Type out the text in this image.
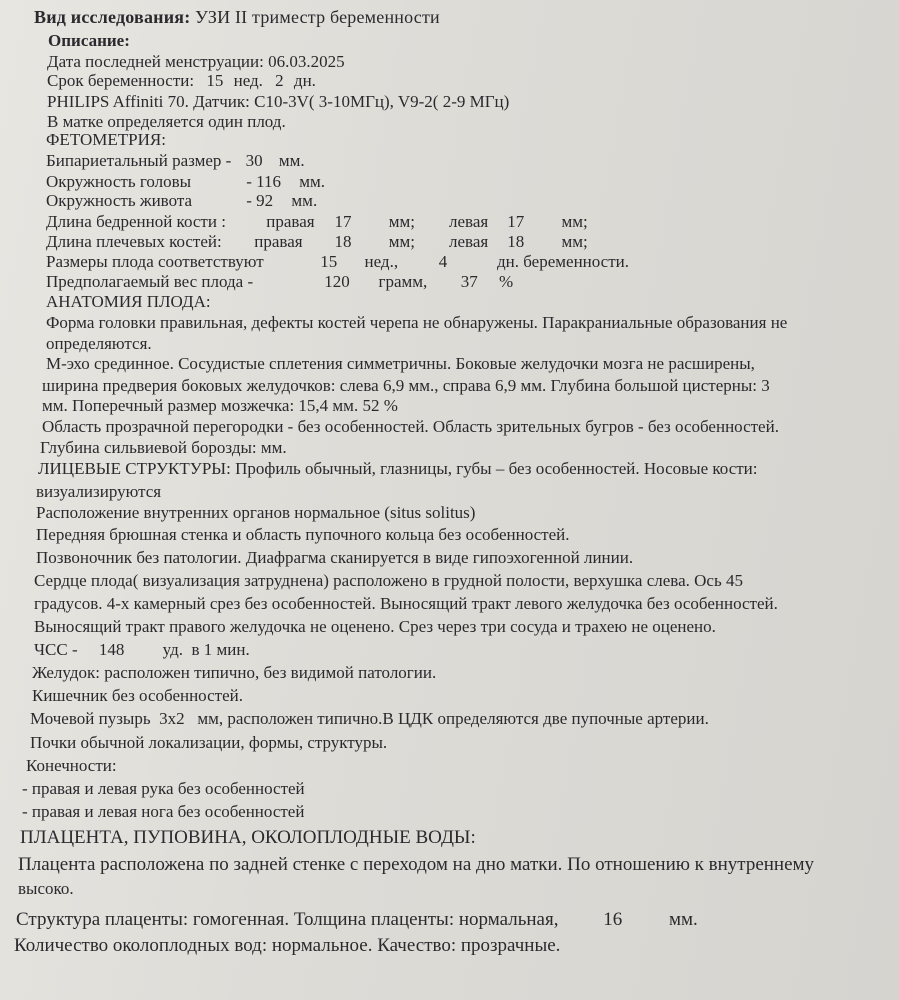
Вид исследования: УЗИ II триместр беременности
Описание:
Дата последней менструации: 06.03.2025
Срок беременности: 15 нед. 2 дн.
PHILIPS Affiniti 70. Датчик: С10-3V( 3-10МГц), V9-2( 2-9 МГц)
В матке определяется один плод.
ФЕТОМЕТРИЯ:
Бипариетальный размер - 30 мм.
Окружность головы	- 116 мм.
Окружность живота	- 92 мм.
Длина бедренной кости : правая 17 мм; левая 17 мм;
Длина плечевых костей: правая 18 мм; левая 18 мм;
Размеры плода соответствуют	15 нед., 4	дн. беременности.
Предполагаемый вес плода -	120 грамм, 37 %
АНАТОМИЯ ПЛОДА:
Форма головки правильная, дефекты костей черепа не обнаружены. Паракраниальные образования не
определяются.
М-эхо срединное. Сосудистые сплетения симметричны. Боковые желудочки мозга не расширены,
ширина предверия боковых желудочков: слева 6,9 мм., справа 6,9 мм. Глубина большой цистерны: 3
мм. Поперечный размер мозжечка: 15,4 мм. 52 %
Область прозрачной перегородки - без особенностей. Область зрительных бугров - без особенностей.
Глубина сильвиевой борозды: мм.
ЛИЦЕВЫЕ СТРУКТУРЫ: Профиль обычный, глазницы, губы – без особенностей. Носовые кости:
визуализируются
Расположение внутренних органов нормальное (situs solitus)
Передняя брюшная стенка и область пупочного кольца без особенностей.
Позвоночник без патологии. Диафрагма сканируется в виде гипоэхогенной линии.
Сердце плода( визуализация затруднена) расположено в грудной полости, верхушка слева. Ось 45
градусов. 4-х камерный срез без особенностей. Выносящий тракт левого желудочка без особенностей.
Выносящий тракт правого желудочка не оценено. Срез через три сосуда и трахею не оценено.
ЧСС -     148         уд.  в 1 мин.
Желудок: расположен типично, без видимой патологии.
Кишечник без особенностей.
Мочевой пузырь  3x2   мм, расположен типично.В ЦДК определяются две пупочные артерии.
Почки обычной локализации, формы, структуры.
Конечности:
- правая и левая рука без особенностей
- правая и левая нога без особенностей
ПЛАЦЕНТА, ПУПОВИНА, ОКОЛОПЛОДНЫЕ ВОДЫ:
Плацента расположена по задней стенке с переходом на дно матки. По отношению к внутреннему
высоко.
Структура плаценты: гомогенная. Толщина плаценты: нормальная, 16 мм.
Количество околоплодных вод: нормальное. Качество: прозрачные.
